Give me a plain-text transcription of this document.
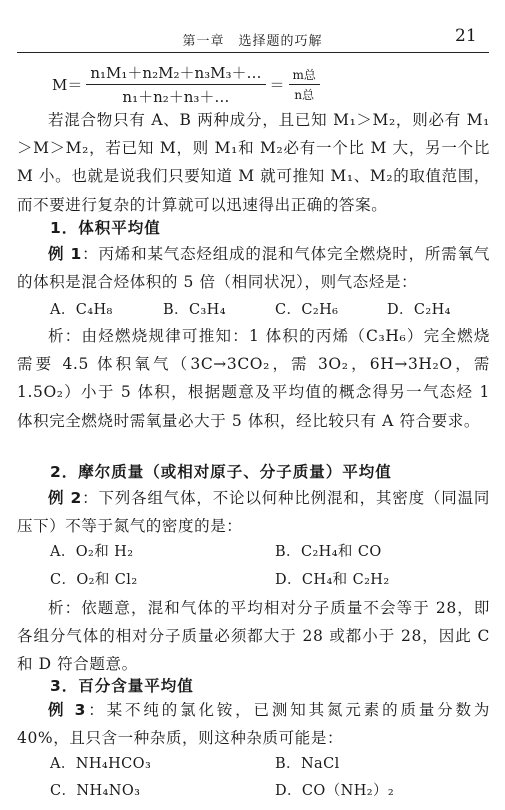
第一章　选择题的巧解	21
$M= \frac{\text{n₁M₁＋n₂M₂＋n₃M₃＋…}}{\text{n₁＋n₂＋n₃＋…}} = \frac{\text{m总}}{\text{n总}}$
若混合物只有 A、B 两种成分，且已知 M₁＞M₂，则必有 M₁＞M＞M₂，若已知 M，则 M₁和 M₂必有一个比 M 大，另一个比 M 小。也就是说我们只要知道 M 就可推知 M₁、M₂的取值范围，而不要进行复杂的计算就可以迅速得出正确的答案。
1．体积平均值
例 1：丙烯和某气态烃组成的混和气体完全燃烧时，所需氧气的体积是混合烃体积的 5 倍（相同状况），则气态烃是：
A．C₄H₈	B．C₃H₄	C．C₂H₆	D．C₂H₄
析：由烃燃烧规律可推知：1 体积的丙烯（C₃H₆）完全燃烧需要 4.5 体积氧气（3C→3CO₂，需 3O₂，6H→3H₂O，需 1.5O₂）小于 5 体积，根据题意及平均值的概念得另一气态烃 1 体积完全燃烧时需氧量必大于 5 体积，经比较只有 A 符合要求。
2．摩尔质量（或相对原子、分子质量）平均值
例 2：下列各组气体，不论以何种比例混和，其密度（同温同压下）不等于氮气的密度的是：
A．O₂和 H₂	B．C₂H₄和 CO
C．O₂和 Cl₂	D．CH₄和 C₂H₂
析：依题意，混和气体的平均相对分子质量不会等于 28，即各组分气体的相对分子质量必须都大于 28 或都小于 28，因此 C 和 D 符合题意。
3．百分含量平均值
例 3：某不纯的氯化铵，已测知其氮元素的质量分数为 40%，且只含一种杂质，则这种杂质可能是：
A．NH₄HCO₃	B．NaCl
C．NH₄NO₃	D．CO（NH₂）₂
